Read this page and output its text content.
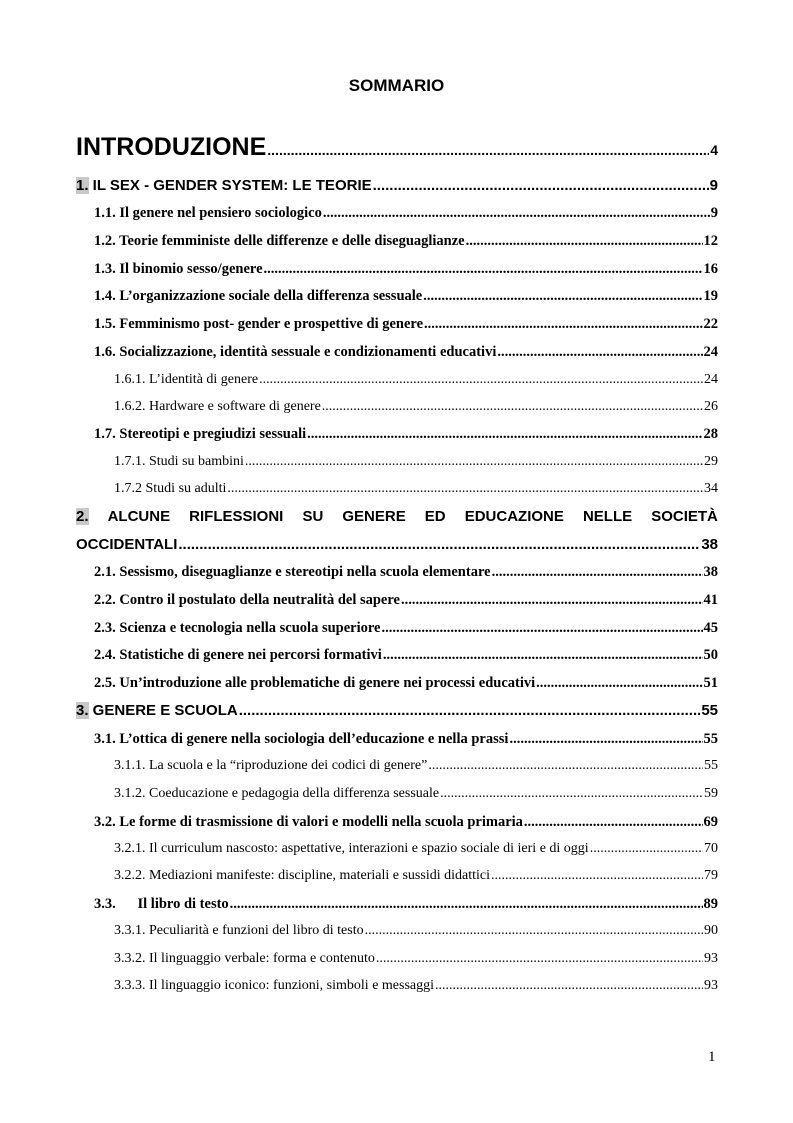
SOMMARIO
INTRODUZIONE .....	4
1. IL SEX - GENDER SYSTEM: LE TEORIE .....	9
1.1. Il genere nel pensiero sociologico .....	9
1.2. Teorie femministe delle differenze e delle diseguaglianze .....	12
1.3. Il binomio sesso/genere .....	16
1.4. L’organizzazione sociale della differenza sessuale .....	19
1.5. Femminismo post- gender e prospettive di genere .....	22
1.6. Socializzazione, identità sessuale e condizionamenti educativi .....	24
1.6.1. L’identità di genere .....	24
1.6.2. Hardware e software di genere .....	26
1.7. Stereotipi e pregiudizi sessuali .....	28
1.7.1. Studi su bambini .....	29
1.7.2 Studi su adulti .....	34
2. ALCUNE RIFLESSIONI SU GENERE ED EDUCAZIONE NELLE SOCIETÀ
OCCIDENTALI .....	38
2.1. Sessismo, diseguaglianze e stereotipi nella scuola elementare .....	38
2.2. Contro il postulato della neutralità del sapere .....	41
2.3. Scienza e tecnologia nella scuola superiore .....	45
2.4. Statistiche di genere nei percorsi formativi .....	50
2.5. Un’introduzione alle problematiche di genere nei processi educativi .....	51
3. GENERE E SCUOLA .....	55
3.1. L’ottica di genere nella sociologia dell’educazione e nella prassi .....	55
3.1.1. La scuola e la “riproduzione dei codici di genere” .....	55
3.1.2. Coeducazione e pedagogia della differenza sessuale .....	59
3.2. Le forme di trasmissione di valori e modelli nella scuola primaria .....	69
3.2.1. Il curriculum nascosto: aspettative, interazioni e spazio sociale di ieri e di oggi .....	70
3.2.2. Mediazioni manifeste: discipline, materiali e sussidi didattici .....	79
3.3.      Il libro di testo .....	89
3.3.1. Peculiarità e funzioni del libro di testo .....	90
3.3.2. Il linguaggio verbale: forma e contenuto .....	93
3.3.3. Il linguaggio iconico: funzioni, simboli e messaggi .....	93
1
